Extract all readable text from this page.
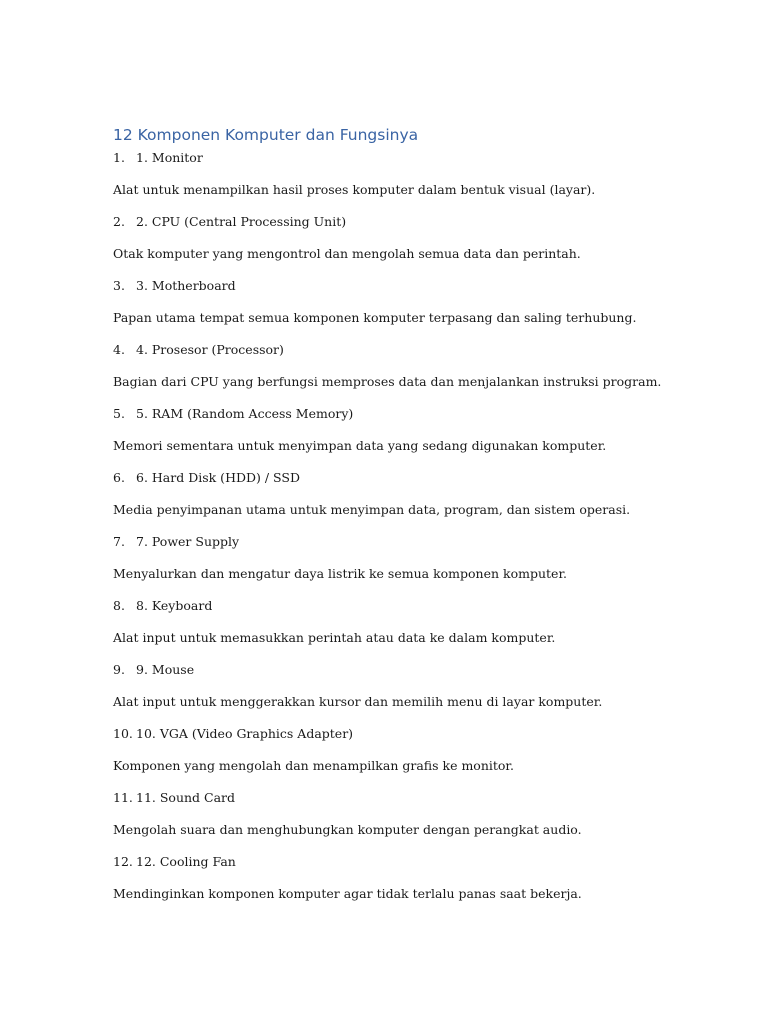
12 Komponen Komputer dan Fungsinya
1. 1. Monitor
Alat untuk menampilkan hasil proses komputer dalam bentuk visual (layar).
2. 2. CPU (Central Processing Unit)
Otak komputer yang mengontrol dan mengolah semua data dan perintah.
3. 3. Motherboard
Papan utama tempat semua komponen komputer terpasang dan saling terhubung.
4. 4. Prosesor (Processor)
Bagian dari CPU yang berfungsi memproses data dan menjalankan instruksi program.
5. 5. RAM (Random Access Memory)
Memori sementara untuk menyimpan data yang sedang digunakan komputer.
6. 6. Hard Disk (HDD) / SSD
Media penyimpanan utama untuk menyimpan data, program, dan sistem operasi.
7. 7. Power Supply
Menyalurkan dan mengatur daya listrik ke semua komponen komputer.
8. 8. Keyboard
Alat input untuk memasukkan perintah atau data ke dalam komputer.
9. 9. Mouse
Alat input untuk menggerakkan kursor dan memilih menu di layar komputer.
10. 10. VGA (Video Graphics Adapter)
Komponen yang mengolah dan menampilkan grafis ke monitor.
11. 11. Sound Card
Mengolah suara dan menghubungkan komputer dengan perangkat audio.
12. 12. Cooling Fan
Mendinginkan komponen komputer agar tidak terlalu panas saat bekerja.
